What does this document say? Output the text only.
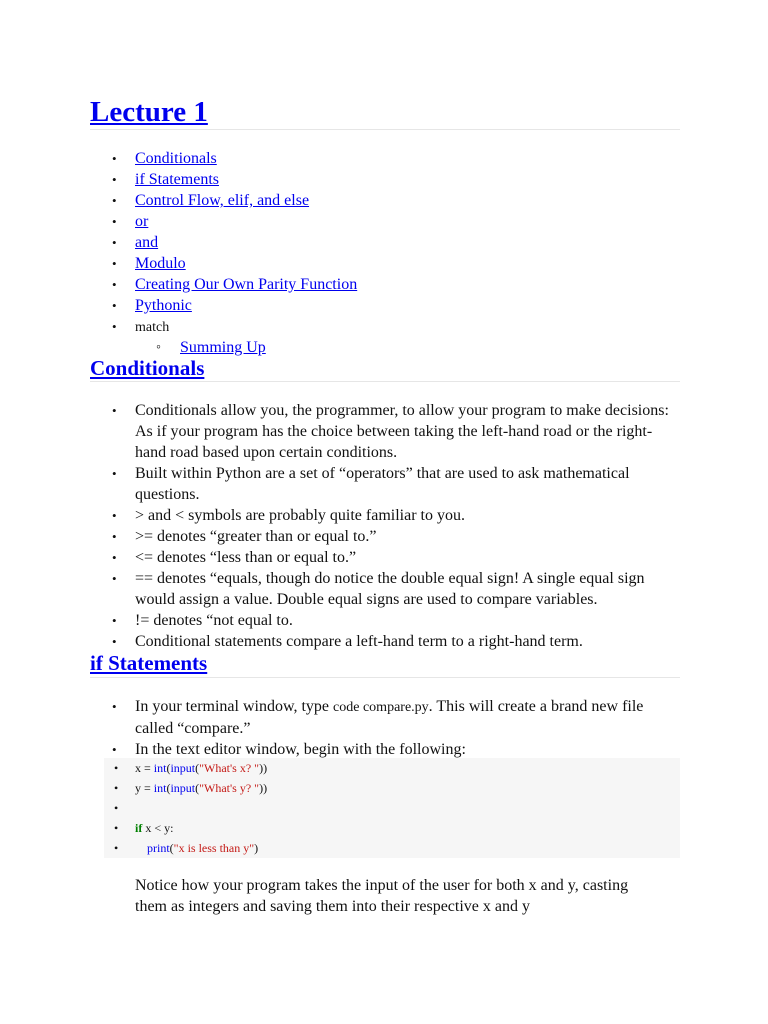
Lecture 1
• Conditionals
• if Statements
• Control Flow, elif, and else
• or
• and
• Modulo
• Creating Our Own Parity Function
• Pythonic
• match
◦ Summing Up
Conditionals
• Conditionals allow you, the programmer, to allow your program to make decisions: As if your program has the choice between taking the left-hand road or the right-hand road based upon certain conditions.
• Built within Python are a set of “operators” that are used to ask mathematical questions.
• > and < symbols are probably quite familiar to you.
• >= denotes “greater than or equal to.”
• <= denotes “less than or equal to.”
• == denotes “equals, though do notice the double equal sign! A single equal sign would assign a value. Double equal signs are used to compare variables.
• != denotes “not equal to.
• Conditional statements compare a left-hand term to a right-hand term.
if Statements
• In your terminal window, type code compare.py. This will create a brand new file called “compare.”
• In the text editor window, begin with the following:
• x = int(input("What's x? "))
• y = int(input("What's y? "))
•
• if x < y:
• print("x is less than y")

Notice how your program takes the input of the user for both x and y, casting them as integers and saving them into their respective x and y
